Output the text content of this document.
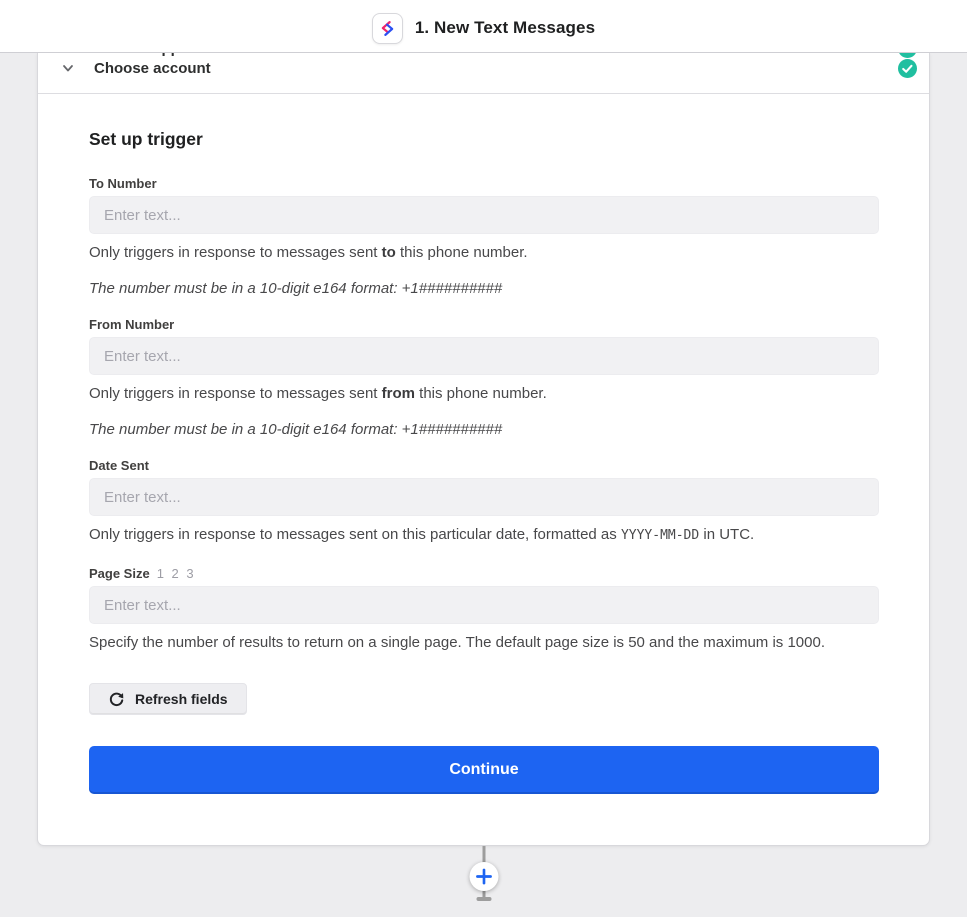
1. New Text Messages
Choose account
Set up trigger
To Number
Enter text...

Only triggers in response to messages sent to this phone number.

The number must be in a 10-digit e164 format: +1##########

From Number
Enter text...

Only triggers in response to messages sent from this phone number.

The number must be in a 10-digit e164 format: +1##########

Date Sent
Enter text...

Only triggers in response to messages sent on this particular date, formatted as YYYY-MM-DD in UTC.

Page Size 1 2 3
Enter text...

Specify the number of results to return on a single page. The default page size is 50 and the maximum is 1000.

Refresh fields
Continue
